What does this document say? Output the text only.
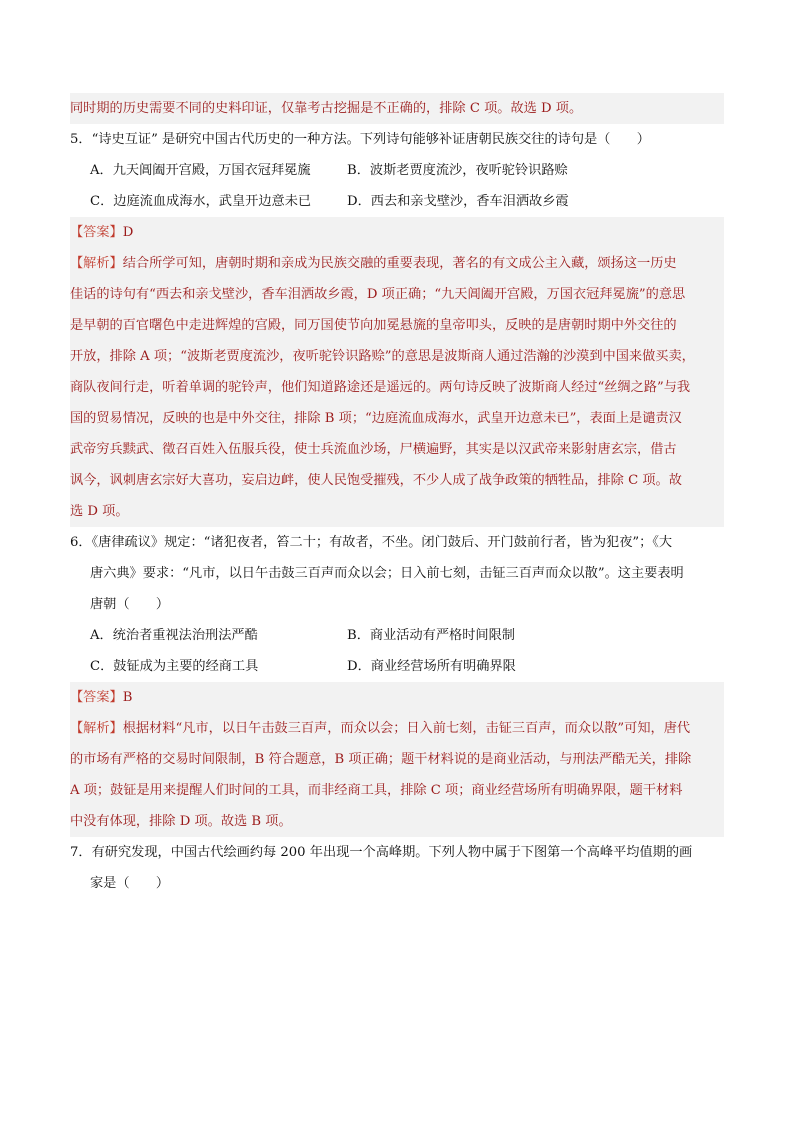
同时期的历史需要不同的史料印证，仅靠考古挖掘是不正确的，排除 C 项。故选 D 项。
5．“诗史互证” 是研究中国古代历史的一种方法。下列诗句能够补证唐朝民族交往的诗句是（　　）
A．九天阊阖开宫殿，万国衣冠拜冕旒	B．波斯老贾度流沙，夜听驼铃识路赊
C．边庭流血成海水，武皇开边意未已	D．西去和亲戈壁沙，香车泪洒故乡霞
【答案】D
【解析】结合所学可知，唐朝时期和亲成为民族交融的重要表现，著名的有文成公主入藏，颂扬这一历史
佳话的诗句有“西去和亲戈壁沙，香车泪洒故乡霞，D 项正确；“九天阊阖开宫殿，万国衣冠拜冕旒”的意思
是早朝的百官曙色中走进辉煌的宫殿，同万国使节向加冕悬旒的皇帝叩头，反映的是唐朝时期中外交往的
开放，排除 A 项；“波斯老贾度流沙，夜听驼铃识路赊”的意思是波斯商人通过浩瀚的沙漠到中国来做买卖，
商队夜间行走，听着单调的驼铃声，他们知道路途还是遥远的。两句诗反映了波斯商人经过“丝绸之路”与我
国的贸易情况，反映的也是中外交往，排除 B 项；“边庭流血成海水，武皇开边意未已”，表面上是谴责汉
武帝穷兵黩武、徵召百姓入伍服兵役，使士兵流血沙场，尸横遍野，其实是以汉武帝来影射唐玄宗，借古
讽今，讽刺唐玄宗好大喜功，妄启边衅，使人民饱受摧残，不少人成了战争政策的牺牲品，排除 C 项。故
选 D 项。
6．《唐律疏议》规定：“诸犯夜者，笞二十；有故者，不坐。闭门鼓后、开门鼓前行者，皆为犯夜”；《大
唐六典》要求：“凡市，以日午击鼓三百声而众以会；日入前七刻，击钲三百声而众以散”。这主要表明
唐朝（　　）
A．统治者重视法治刑法严酷	B．商业活动有严格时间限制
C．鼓钲成为主要的经商工具	D．商业经营场所有明确界限
【答案】B
【解析】根据材料“凡市，以日午击鼓三百声，而众以会；日入前七刻，击钲三百声，而众以散”可知，唐代
的市场有严格的交易时间限制，B 符合题意，B 项正确；题干材料说的是商业活动，与刑法严酷无关，排除
A 项；鼓钲是用来提醒人们时间的工具，而非经商工具，排除 C 项；商业经营场所有明确界限，题干材料
中没有体现，排除 D 项。故选 B 项。
7．有研究发现，中国古代绘画约每 200 年出现一个高峰期。下列人物中属于下图第一个高峰平均值期的画
家是（　　）
